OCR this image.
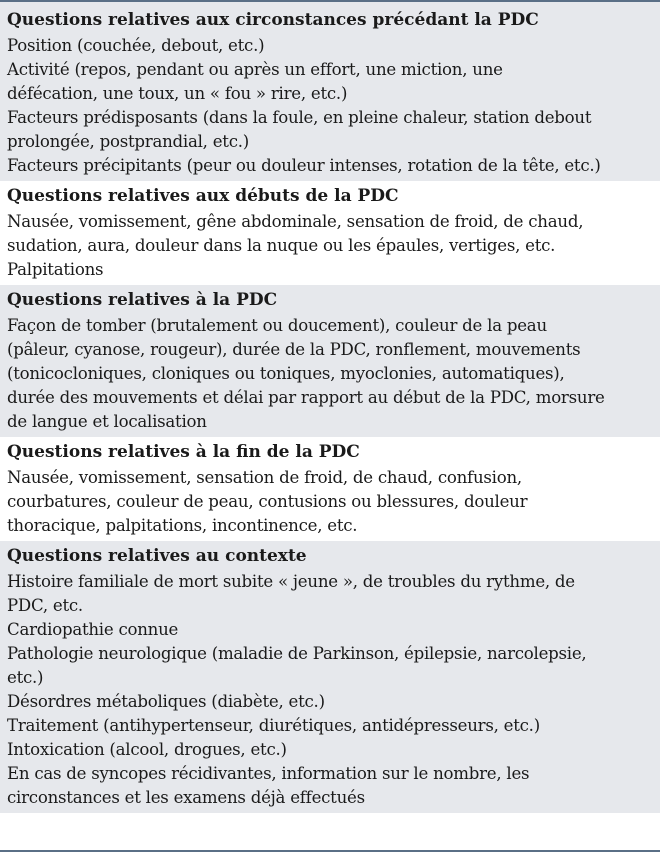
Questions relatives aux circonstances précédant la PDC
Position (couchée, debout, etc.)
Activité (repos, pendant ou après un effort, une miction, une
défécation, une toux, un « fou » rire, etc.)
Facteurs prédisposants (dans la foule, en pleine chaleur, station debout
prolongée, postprandial, etc.)
Facteurs précipitants (peur ou douleur intenses, rotation de la tête, etc.)
Questions relatives aux débuts de la PDC
Nausée, vomissement, gêne abdominale, sensation de froid, de chaud,
sudation, aura, douleur dans la nuque ou les épaules, vertiges, etc.
Palpitations
Questions relatives à la PDC
Façon de tomber (brutalement ou doucement), couleur de la peau
(pâleur, cyanose, rougeur), durée de la PDC, ronflement, mouvements
(tonicocloniques, cloniques ou toniques, myoclonies, automatiques),
durée des mouvements et délai par rapport au début de la PDC, morsure
de langue et localisation
Questions relatives à la fin de la PDC
Nausée, vomissement, sensation de froid, de chaud, confusion,
courbatures, couleur de peau, contusions ou blessures, douleur
thoracique, palpitations, incontinence, etc.
Questions relatives au contexte
Histoire familiale de mort subite « jeune », de troubles du rythme, de
PDC, etc.
Cardiopathie connue
Pathologie neurologique (maladie de Parkinson, épilepsie, narcolepsie,
etc.)
Désordres métaboliques (diabète, etc.)
Traitement (antihypertenseur, diurétiques, antidépresseurs, etc.)
Intoxication (alcool, drogues, etc.)
En cas de syncopes récidivantes, information sur le nombre, les
circonstances et les examens déjà effectués
